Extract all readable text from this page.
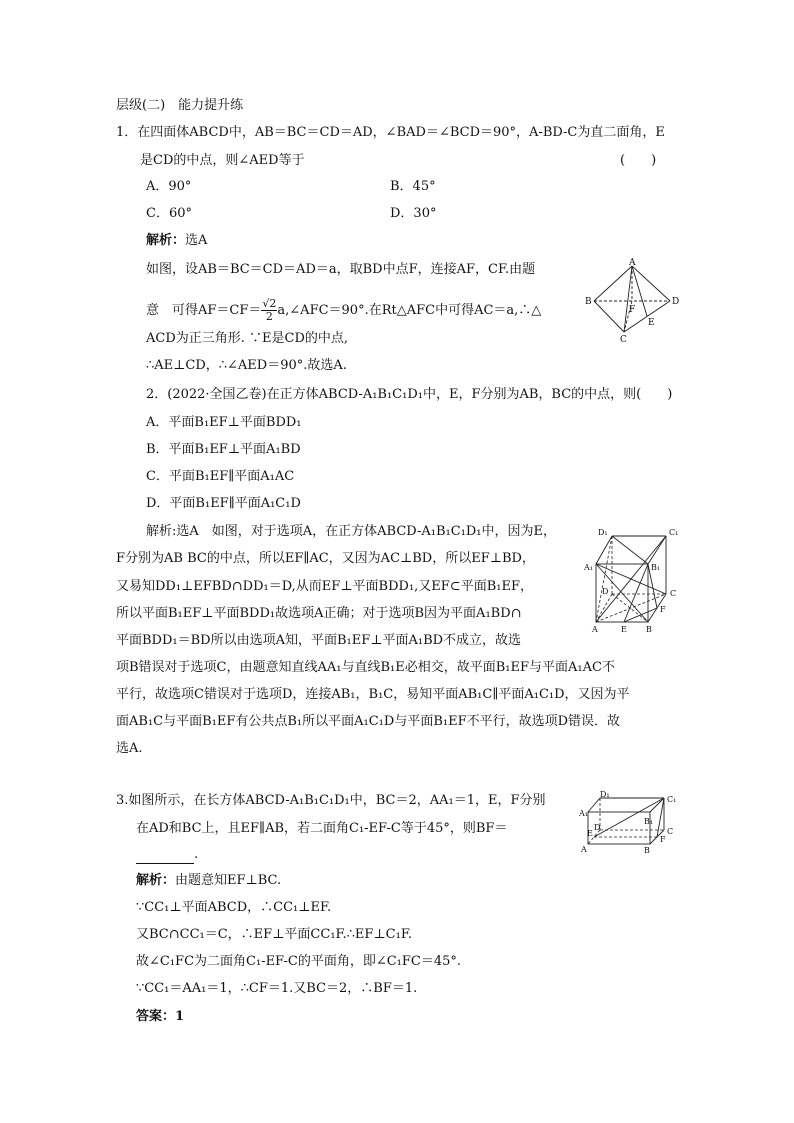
层级(二)　能力提升练
1．在四面体ABCD中，AB＝BC＝CD＝AD，∠BAD＝∠BCD＝90°，A-BD-C为直二面角，E
是CD的中点，则∠AED等于	(　　)
A．90°	B．45°
C．60°	D．30°
解析：选A
如图，设AB＝BC＝CD＝AD＝a，取BD中点F，连接AF，CF.由题
意　可得$AF=CF= \frac{√2}{2}$ a,∠AFC＝90°.在Rt△AFC中可得AC＝a,∴△
ACD为正三角形. ∵E是CD的中点,
∴AE⊥CD，∴∠AED＝90°.故选A.
A
B
C
D
F
E
2．(2022·全国乙卷)在正方体ABCD-A₁B₁C₁D₁中，E，F分别为AB，BC的中点，则(　　)
A．平面B₁EF⊥平面BDD₁
B．平面B₁EF⊥平面A₁BD
C．平面B₁EF∥平面A₁AC
D．平面B₁EF∥平面A₁C₁D
解析:选A　如图，对于选项A，在正方体ABCD-A₁B₁C₁D₁中，因为E，
F分别为AB BC的中点，所以EF∥AC，又因为AC⊥BD，所以EF⊥BD，
又易知DD₁⊥EFBD∩DD₁＝D,从而EF⊥平面BDD₁,又EF⊂平面B₁EF，
所以平面B₁EF⊥平面BDD₁故选项A正确；对于选项B因为平面A₁BD∩
平面BDD₁＝BD所以由选项A知，平面B₁EF⊥平面A₁BD不成立，故选
项B错误对于选项C，由题意知直线AA₁与直线B₁E必相交，故平面B₁EF与平面A₁AC不
平行，故选项C错误对于选项D，连接AB₁，B₁C，易知平面AB₁C∥平面A₁C₁D，又因为平
面AB₁C与平面B₁EF有公共点B₁所以平面A₁C₁D与平面B₁EF不平行，故选项D错误．故
选A.
D₁	C₁
A₁	B₁
D	C
A	E B
F
3.如图所示，在长方体ABCD-A₁B₁C₁D₁中，BC＝2，AA₁＝1，E，F分别
在AD和BC上，且EF∥AB，若二面角C₁-EF-C等于45°，则BF＝
.
解析：由题意知EF⊥BC.
∵CC₁⊥平面ABCD，∴CC₁⊥EF.
又BC∩CC₁＝C，∴EF⊥平面CC₁F.∴EF⊥C₁F.
故∠C₁FC为二面角C₁-EF-C的平面角，即∠C₁FC＝45°.
∵CC₁＝AA₁＝1，∴CF＝1.又BC＝2，∴BF＝1.
答案：1
D₁
C₁
A₁
B₁
D	C
E
F
A	B
